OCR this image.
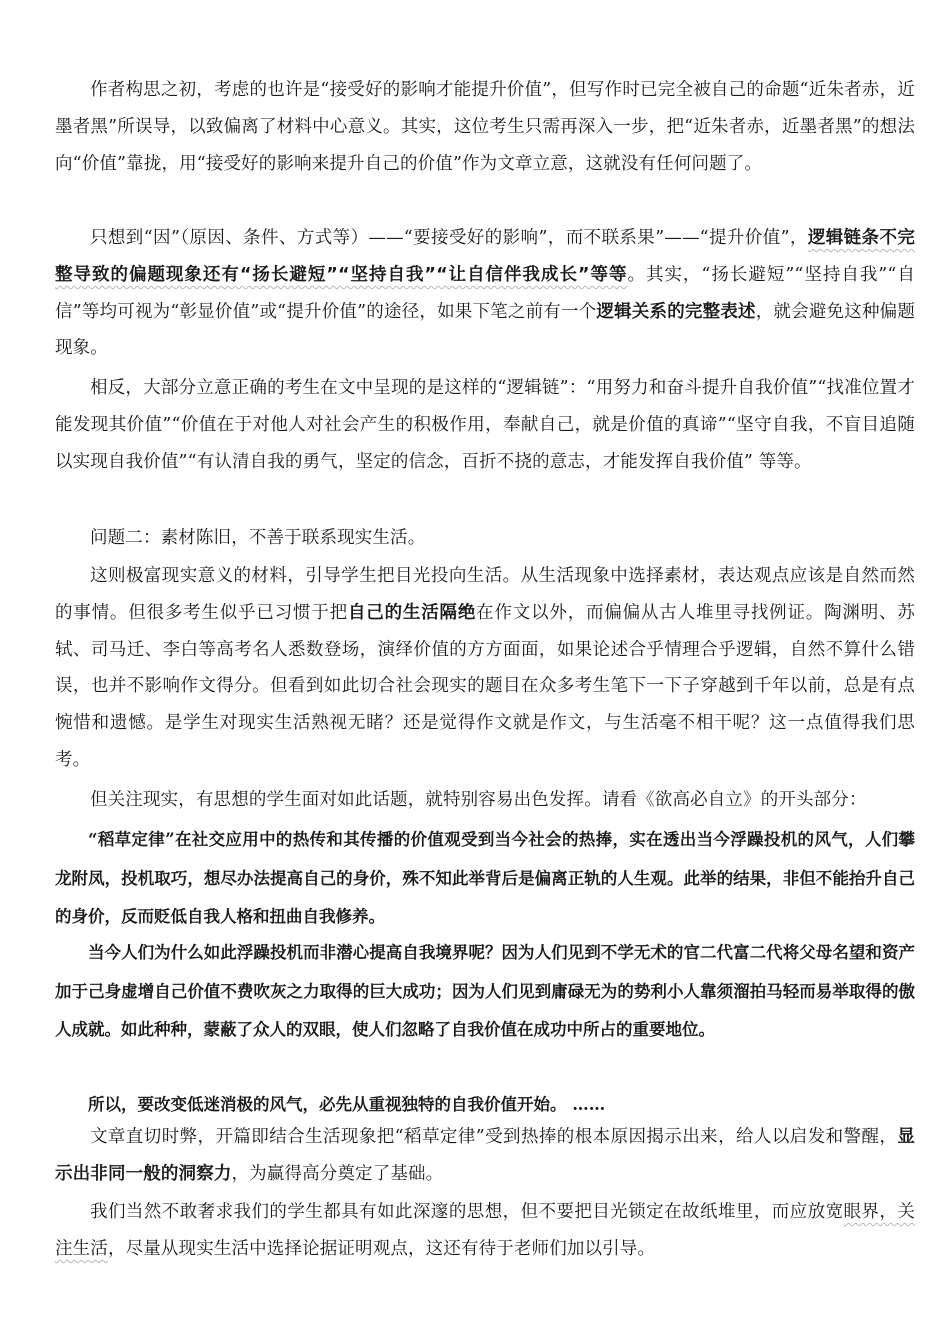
作者构思之初，考虑的也许是“接受好的影响才能提升价值”，但写作时已完全被自己的命题“近朱者赤，近墨者黑”所误导，以致偏离了材料中心意义。其实，这位考生只需再深入一步，把“近朱者赤，近墨者黑”的想法向“价值”靠拢，用“接受好的影响来提升自己的价值”作为文章立意，这就没有任何问题了。
只想到“因”（原因、条件、方式等）——“要接受好的影响”，而不联系果”——“提升价值”，逻辑链条不完整导致的偏题现象还有“扬长避短”“坚持自我”“让自信伴我成长”等等。其实，“扬长避短”“坚持自我”“自信”等均可视为“彰显价值”或“提升价值”的途径，如果下笔之前有一个逻辑关系的完整表述，就会避免这种偏题现象。
相反，大部分立意正确的考生在文中呈现的是这样的“逻辑链”：“用努力和奋斗提升自我价值”“找准位置才能发现其价值”“价值在于对他人对社会产生的积极作用，奉献自己，就是价值的真谛”“坚守自我，不盲目追随以实现自我价值”“有认清自我的勇气，坚定的信念，百折不挠的意志，才能发挥自我价值” 等等。
问题二：素材陈旧，不善于联系现实生活。
这则极富现实意义的材料，引导学生把目光投向生活。从生活现象中选择素材，表达观点应该是自然而然的事情。但很多考生似乎已习惯于把自己的生活隔绝在作文以外，而偏偏从古人堆里寻找例证。陶渊明、苏轼、司马迁、李白等高考名人悉数登场，演绎价值的方方面面，如果论述合乎情理合乎逻辑，自然不算什么错误，也并不影响作文得分。但看到如此切合社会现实的题目在众多考生笔下一下子穿越到千年以前，总是有点惋惜和遗憾。是学生对现实生活熟视无睹？还是觉得作文就是作文，与生活毫不相干呢？这一点值得我们思考。
但关注现实，有思想的学生面对如此话题，就特别容易出色发挥。请看《欲高必自立》的开头部分：
“稻草定律”在社交应用中的热传和其传播的价值观受到当今社会的热捧，实在透出当今浮躁投机的风气，人们攀龙附凤，投机取巧，想尽办法提高自己的身价，殊不知此举背后是偏离正轨的人生观。此举的结果，非但不能抬升自己的身价，反而贬低自我人格和扭曲自我修养。
当今人们为什么如此浮躁投机而非潜心提高自我境界呢？因为人们见到不学无术的官二代富二代将父母名望和资产加于己身虚增自己价值不费吹灰之力取得的巨大成功；因为人们见到庸碌无为的势利小人靠须溜拍马轻而易举取得的傲人成就。如此种种，蒙蔽了众人的双眼，使人们忽略了自我价值在成功中所占的重要地位。
所以，要改变低迷消极的风气，必先从重视独特的自我价值开始。 ……
文章直切时弊，开篇即结合生活现象把“稻草定律”受到热捧的根本原因揭示出来，给人以启发和警醒，显示出非同一般的洞察力，为赢得高分奠定了基础。
我们当然不敢奢求我们的学生都具有如此深邃的思想，但不要把目光锁定在故纸堆里，而应放宽眼界，关注生活，尽量从现实生活中选择论据证明观点，这还有待于老师们加以引导。
